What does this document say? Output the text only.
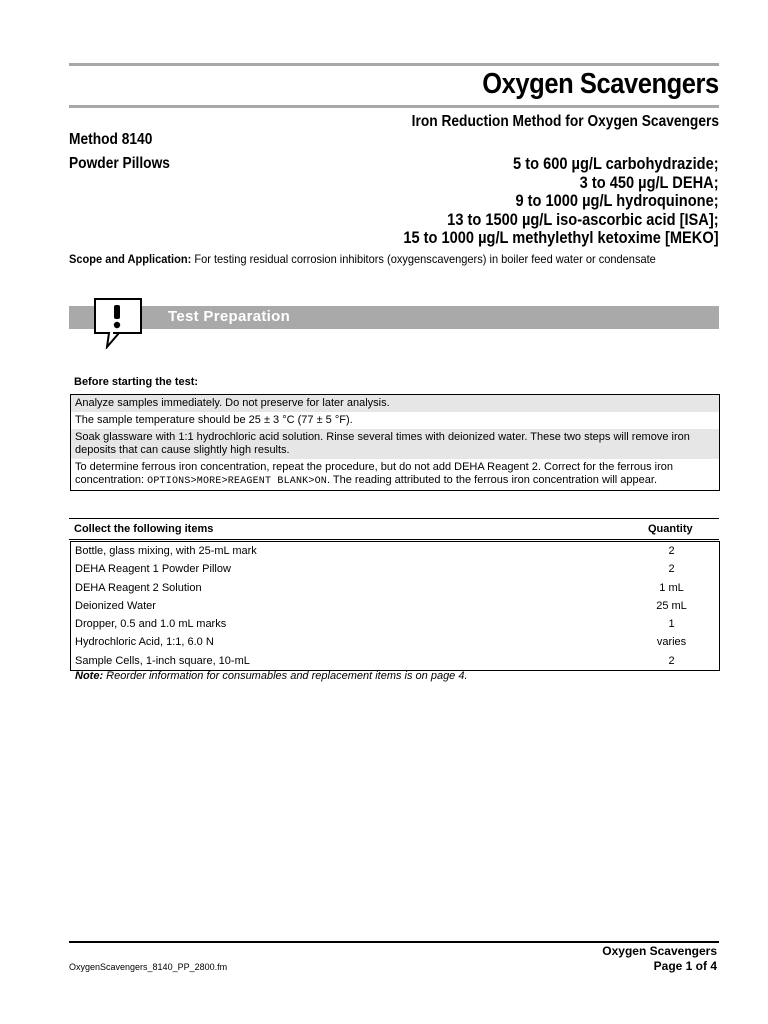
Oxygen Scavengers
Method 8140
Powder Pillows
Iron Reduction Method for Oxygen Scavengers
5 to 600 µg/L carbohydrazide;
3 to 450 µg/L DEHA;
9 to 1000 µg/L hydroquinone;
13 to 1500 µg/L iso-ascorbic acid [ISA];
15 to 1000 µg/L methylethyl ketoxime [MEKO]
Scope and Application: For testing residual corrosion inhibitors (oxygenscavengers) in boiler feed water or condensate
Test Preparation
Before starting the test:
Analyze samples immediately. Do not preserve for later analysis.
The sample temperature should be 25 ± 3 °C (77 ± 5 °F).
Soak glassware with 1:1 hydrochloric acid solution. Rinse several times with deionized water. These two steps will remove iron deposits that can cause slightly high results.
To determine ferrous iron concentration, repeat the procedure, but do not add DEHA Reagent 2. Correct for the ferrous iron concentration: OPTIONS>MORE>REAGENT BLANK>ON. The reading attributed to the ferrous iron concentration will appear.
Collect the following items	Quantity
Bottle, glass mixing, with 25-mL mark	2
DEHA Reagent 1 Powder Pillow	2
DEHA Reagent 2 Solution	1 mL
Deionized Water	25 mL
Dropper, 0.5 and 1.0 mL marks	1
Hydrochloric Acid, 1:1, 6.0 N	varies
Sample Cells, 1-inch square, 10-mL	2
Note: Reorder information for consumables and replacement items is on page 4.
Oxygen Scavengers
Page 1 of 4
OxygenScavengers_8140_PP_2800.fm
